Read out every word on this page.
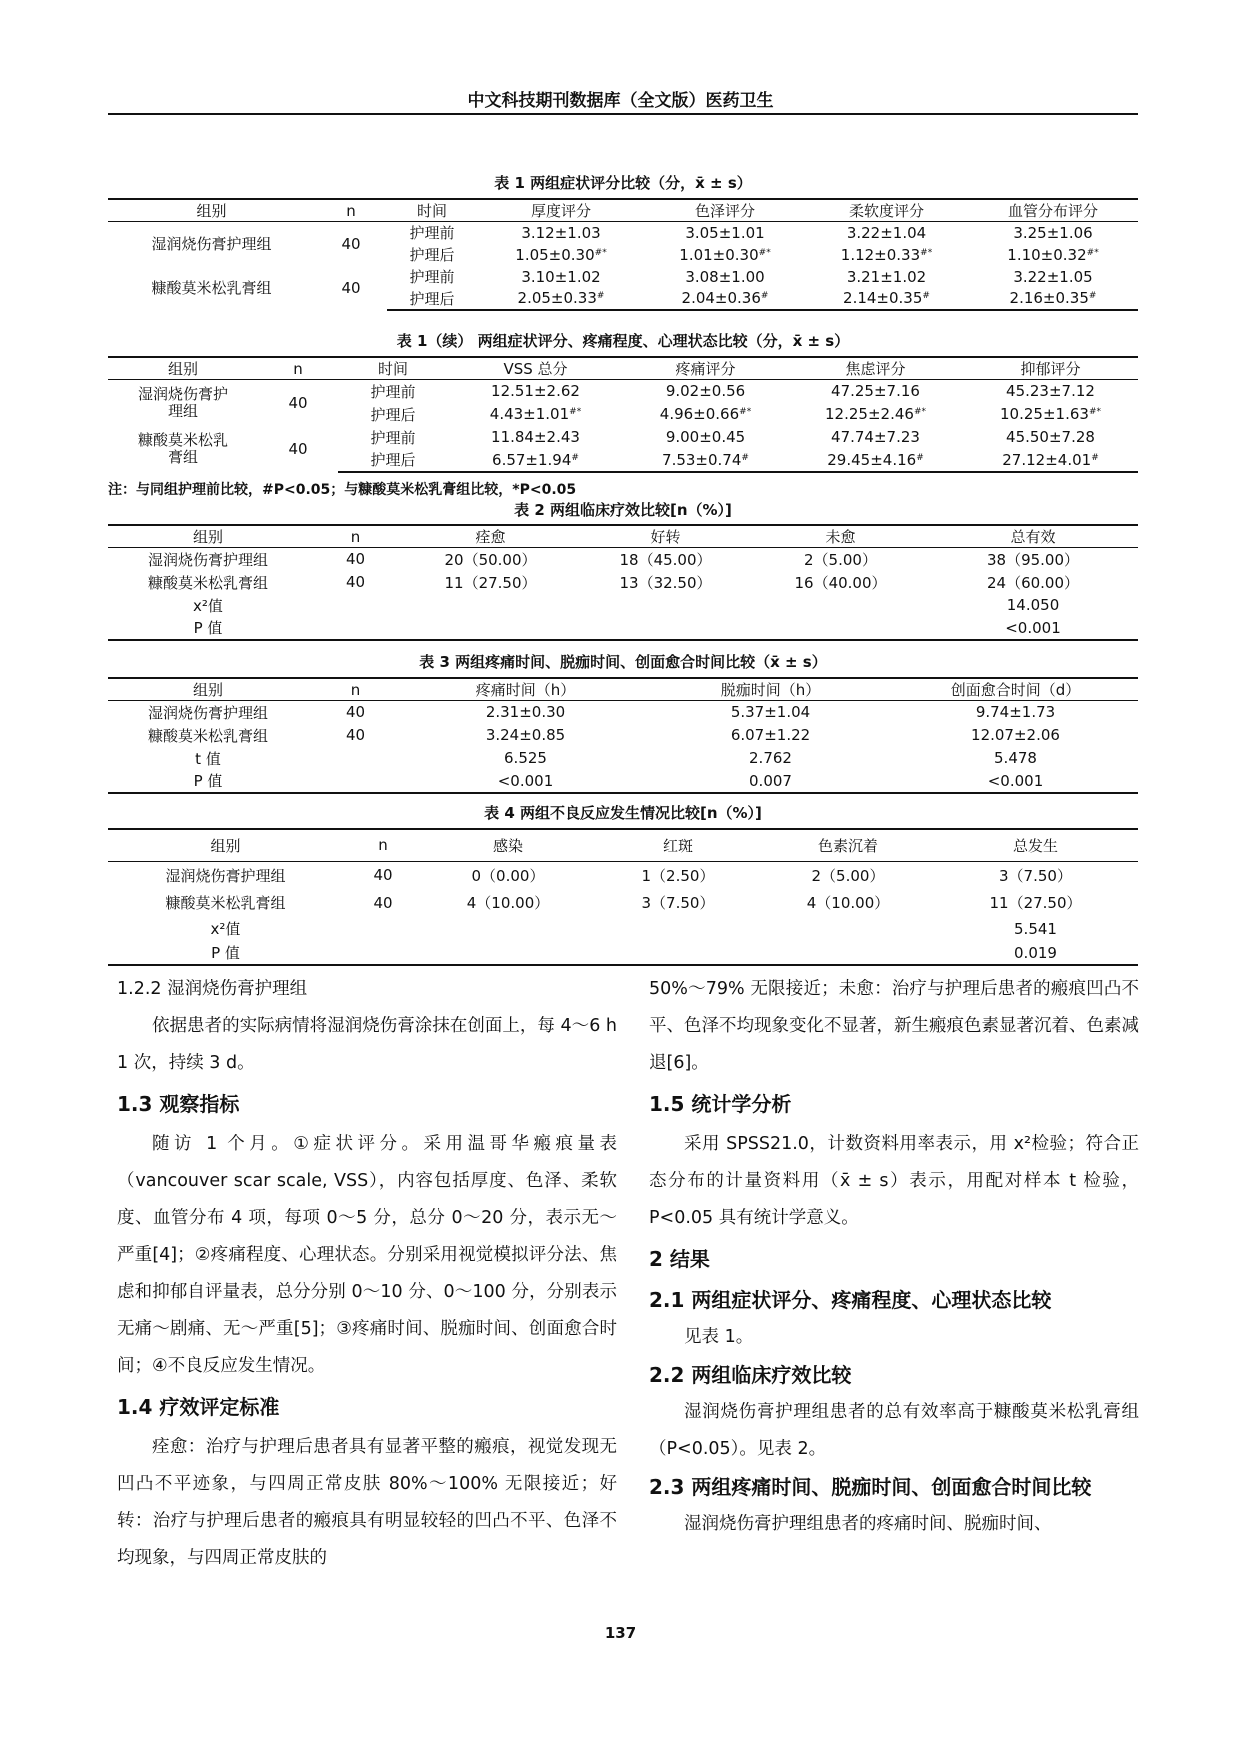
中文科技期刊数据库（全文版）医药卫生
表 1 两组症状评分比较（分，x̄ ± s）
组别	n	时间	厚度评分	色泽评分	柔软度评分	血管分布评分
湿润烧伤膏护理组	40	护理前	3.12±1.03	3.05±1.01	3.22±1.04	3.25±1.06
		护理后	1.05±0.30#*	1.01±0.30#*	1.12±0.33#*	1.10±0.32#*
糠酸莫米松乳膏组	40	护理前	3.10±1.02	3.08±1.00	3.21±1.02	3.22±1.05
		护理后	2.05±0.33#	2.04±0.36#	2.14±0.35#	2.16±0.35#
表 1（续） 两组症状评分、疼痛程度、心理状态比较（分，x̄ ± s）
组别	n	时间	VSS 总分	疼痛评分	焦虑评分	抑郁评分
湿润烧伤膏护
理组	40	护理前	12.51±2.62	9.02±0.56	47.25±7.16	45.23±7.12
		护理后	4.43±1.01#*	4.96±0.66#*	12.25±2.46#*	10.25±1.63#*
糠酸莫米松乳
膏组	40	护理前	11.84±2.43	9.00±0.45	47.74±7.23	45.50±7.28
		护理后	6.57±1.94#	7.53±0.74#	29.45±4.16#	27.12±4.01#
注：与同组护理前比较，#P<0.05；与糠酸莫米松乳膏组比较，*P<0.05
表 2 两组临床疗效比较[n（%）]
组别	n	痊愈	好转	未愈	总有效
湿润烧伤膏护理组	40	20（50.00）	18（45.00）	2（5.00）	38（95.00）
糠酸莫米松乳膏组	40	11（27.50）	13（32.50）	16（40.00）	24（60.00）
x²值					14.050
P 值					<0.001
表 3 两组疼痛时间、脱痂时间、创面愈合时间比较（x̄ ± s）
组别	n	疼痛时间（h）	脱痂时间（h）	创面愈合时间（d）
湿润烧伤膏护理组	40	2.31±0.30	5.37±1.04	9.74±1.73
糠酸莫米松乳膏组	40	3.24±0.85	6.07±1.22	12.07±2.06
t 值		6.525	2.762	5.478
P 值		<0.001	0.007	<0.001
表 4 两组不良反应发生情况比较[n（%）]
组别	n	感染	红斑	色素沉着	总发生
湿润烧伤膏护理组	40	0（0.00）	1（2.50）	2（5.00）	3（7.50）
糠酸莫米松乳膏组	40	4（10.00）	3（7.50）	4（10.00）	11（27.50）
x²值					5.541
P 值					0.019

1.2.2 湿润烧伤膏护理组

依据患者的实际病情将湿润烧伤膏涂抹在创面上，每 4～6 h 1 次，持续 3 d。

1.3 观察指标

随访 1 个月。①症状评分。采用温哥华瘢痕量表（vancouver scar scale, VSS），内容包括厚度、色泽、柔软度、血管分布 4 项，每项 0～5 分，总分 0～20 分，表示无～严重[4]；②疼痛程度、心理状态。分别采用视觉模拟评分法、焦虑和抑郁自评量表，总分分别 0～10 分、0～100 分，分别表示无痛～剧痛、无～严重[5]；③疼痛时间、脱痂时间、创面愈合时间；④不良反应发生情况。

1.4 疗效评定标准

痊愈：治疗与护理后患者具有显著平整的瘢痕，视觉发现无凹凸不平迹象，与四周正常皮肤 80%～100% 无限接近；好转：治疗与护理后患者的瘢痕具有明显较轻的凹凸不平、色泽不均现象，与四周正常皮肤的

50%～79% 无限接近；未愈：治疗与护理后患者的瘢痕凹凸不平、色泽不均现象变化不显著，新生瘢痕色素显著沉着、色素减退[6]。

1.5 统计学分析

采用 SPSS21.0，计数资料用率表示，用 x²检验；符合正态分布的计量资料用（x̄ ± s）表示，用配对样本 t 检验，P<0.05 具有统计学意义。

2 结果
2.1 两组症状评分、疼痛程度、心理状态比较

见表 1。

2.2 两组临床疗效比较

湿润烧伤膏护理组患者的总有效率高于糠酸莫米松乳膏组（P<0.05）。见表 2。

2.3 两组疼痛时间、脱痂时间、创面愈合时间比较

湿润烧伤膏护理组患者的疼痛时间、脱痂时间、

137
